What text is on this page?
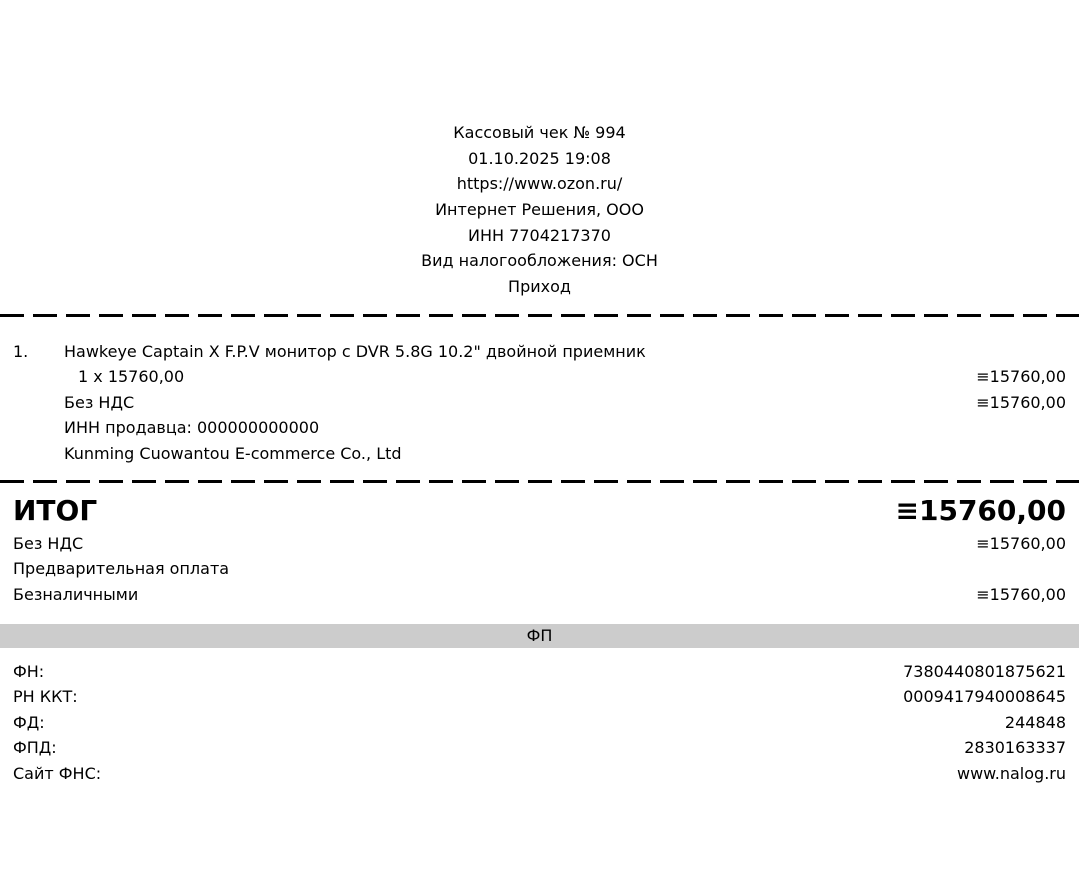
Кассовый чек № 994
01.10.2025 19:08
https://www.ozon.ru/
Интернет Решения, ООО
ИНН 7704217370
Вид налогообложения: ОСН
Приход
1. Hawkeye Captain X F.P.V монитор с DVR 5.8G 10.2" двойной приемник
1 x 15760,00	≡15760,00
Без НДС	≡15760,00
ИНН продавца: 000000000000
Kunming Cuowantou E-commerce Co., Ltd
ИТОГ	≡15760,00
Без НДС	≡15760,00
Предварительная оплата
Безналичными	≡15760,00
ФП
ФН:	7380440801875621
РН ККТ:	0009417940008645
ФД:	244848
ФПД:	2830163337
Сайт ФНС:	www.nalog.ru
